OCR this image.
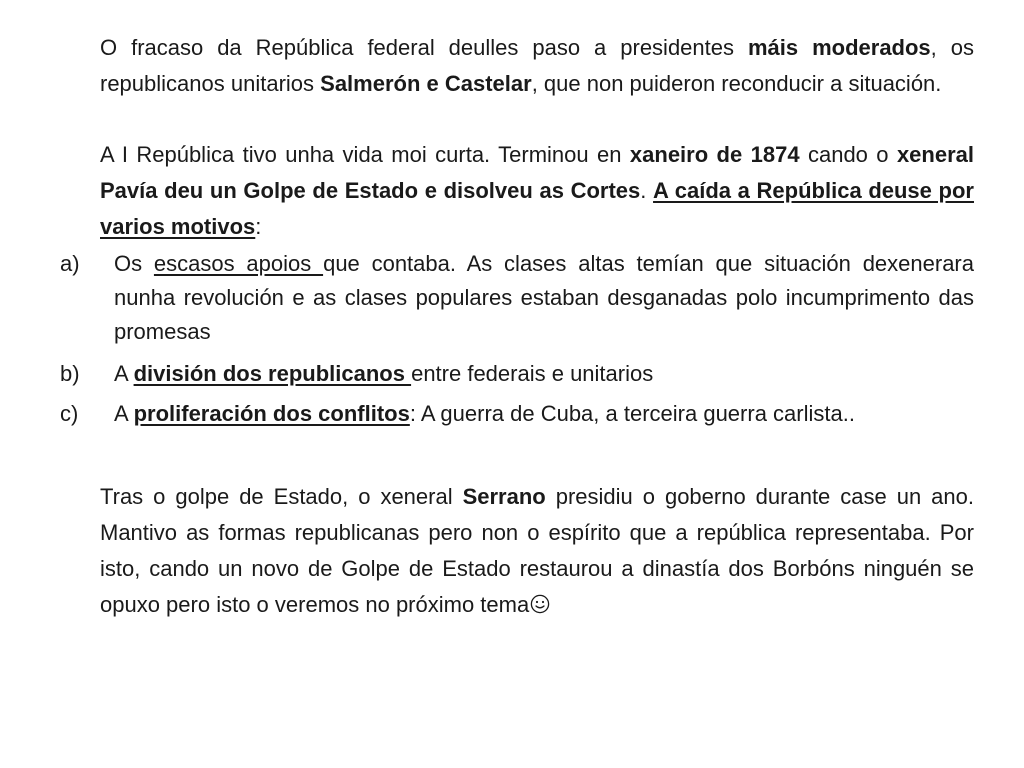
O fracaso da República federal deulles paso a presidentes máis moderados, os republicanos unitarios Salmerón e Castelar, que non puideron reconducir a situación.

A I República tivo unha vida moi curta. Terminou en xaneiro de 1874 cando o xeneral Pavía deu un Golpe de Estado e disolveu as Cortes. A caída a República deuse por varios motivos:

a)	Os escasos apoios que contaba. As clases altas temían que situación dexenerara nunha revolución e as clases populares estaban desganadas polo incumprimento das promesas
b)	A división dos republicanos entre federais e unitarios
c)	A proliferación dos conflitos: A guerra de Cuba, a terceira guerra carlista..

Tras o golpe de Estado, o xeneral Serrano presidiu o goberno durante case un ano. Mantivo as formas republicanas pero non o espírito que a república representaba. Por isto, cando un novo de Golpe de Estado restaurou a dinastía dos Borbóns ninguén se opuxo pero isto o veremos no próximo tema
